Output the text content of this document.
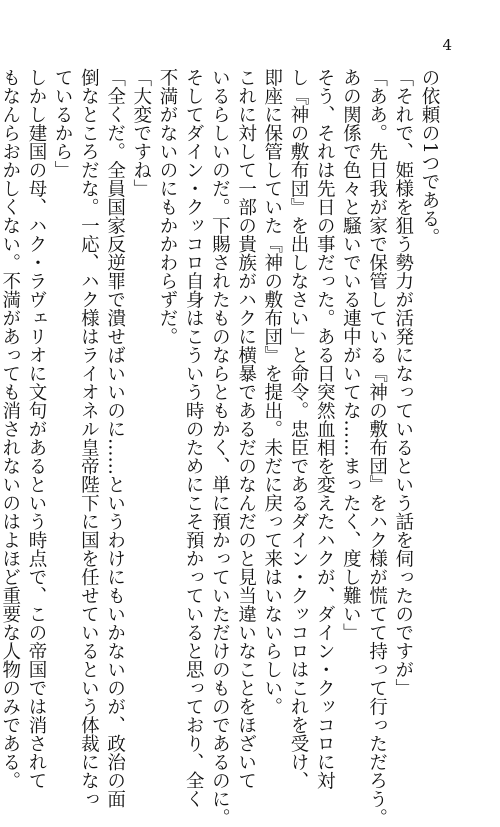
4
の依頼の1つである。
「それで、姫様を狙う勢力が活発になっているという話を伺ったのですが」
「ああ。先日我が家で保管している『神の敷布団』をハク様が慌てて持って行っただろう。
あの関係で色々と騒いでいる連中がいてな……まったく、度し難い」
そう、それは先日の事だった。ある日突然血相を変えたハクが、ダイン・クッコロに対
し『神の敷布団』を出しなさい」と命令。忠臣であるダイン・クッコロはこれを受け、
即座に保管していた『神の敷布団』を提出。未だに戻って来はいないらしい。
これに対して一部の貴族がハクに横暴であるだのなんだのと見当違いなことをほざいて
いるらしいのだ。下賜されたものならともかく、単に預かっていただけのものであるのに。
そしてダイン・クッコロ自身はこういう時のためにこそ預かっていると思っており、全く
不満がないのにもかかわらずだ。
「大変ですね」
「全くだ。全員国家反逆罪で潰せばいいのに……というわけにもいかないのが、政治の面
倒なところだな。一応、ハク様はライオネル皇帝陛下に国を任せているという体裁になっ
ているから」
しかし建国の母、ハク・ラヴェリオに文句があるという時点で、この帝国では消されて
もなんらおかしくない。不満があっても消されないのはよほど重要な人物のみである。
